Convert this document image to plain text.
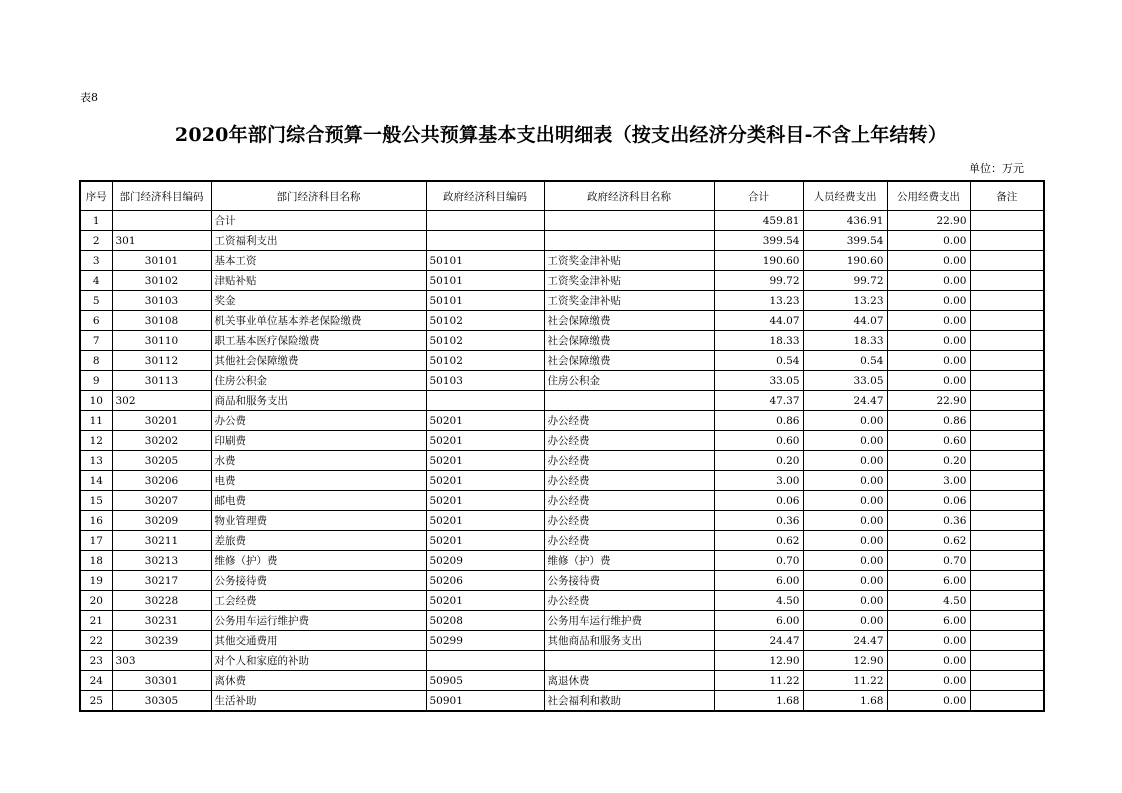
表8
2020年部门综合预算一般公共预算基本支出明细表（按支出经济分类科目-不含上年结转）
单位：万元
序号	部门经济科目编码	部门经济科目名称	政府经济科目编码	政府经济科目名称	合计	人员经费支出	公用经费支出	备注
1		合计			459.81	436.91	22.90	
2	301	工资福利支出			399.54	399.54	0.00	
3	30101	基本工资	50101	工资奖金津补贴	190.60	190.60	0.00	
4	30102	津贴补贴	50101	工资奖金津补贴	99.72	99.72	0.00	
5	30103	奖金	50101	工资奖金津补贴	13.23	13.23	0.00	
6	30108	机关事业单位基本养老保险缴费	50102	社会保障缴费	44.07	44.07	0.00	
7	30110	职工基本医疗保险缴费	50102	社会保障缴费	18.33	18.33	0.00	
8	30112	其他社会保障缴费	50102	社会保障缴费	0.54	0.54	0.00	
9	30113	住房公积金	50103	住房公积金	33.05	33.05	0.00	
10	302	商品和服务支出			47.37	24.47	22.90	
11	30201	办公费	50201	办公经费	0.86	0.00	0.86	
12	30202	印刷费	50201	办公经费	0.60	0.00	0.60	
13	30205	水费	50201	办公经费	0.20	0.00	0.20	
14	30206	电费	50201	办公经费	3.00	0.00	3.00	
15	30207	邮电费	50201	办公经费	0.06	0.00	0.06	
16	30209	物业管理费	50201	办公经费	0.36	0.00	0.36	
17	30211	差旅费	50201	办公经费	0.62	0.00	0.62	
18	30213	维修（护）费	50209	维修（护）费	0.70	0.00	0.70	
19	30217	公务接待费	50206	公务接待费	6.00	0.00	6.00	
20	30228	工会经费	50201	办公经费	4.50	0.00	4.50	
21	30231	公务用车运行维护费	50208	公务用车运行维护费	6.00	0.00	6.00	
22	30239	其他交通费用	50299	其他商品和服务支出	24.47	24.47	0.00	
23	303	对个人和家庭的补助			12.90	12.90	0.00	
24	30301	离休费	50905	离退休费	11.22	11.22	0.00	
25	30305	生活补助	50901	社会福利和救助	1.68	1.68	0.00	
